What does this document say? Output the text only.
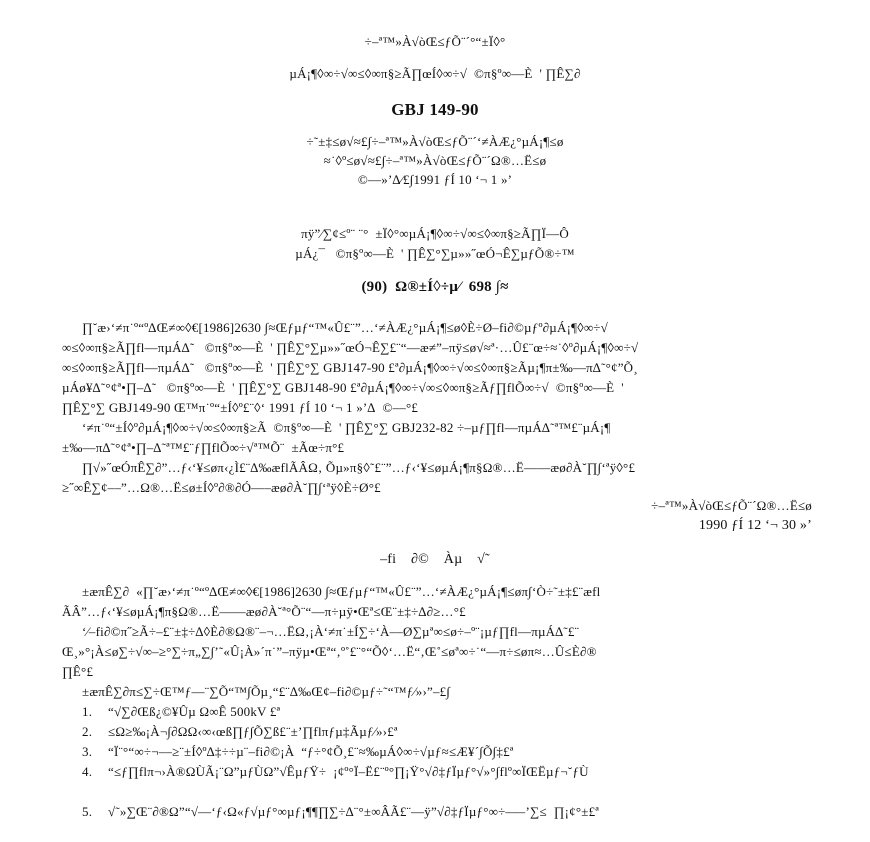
÷–ª™»À√òŒ≤ƒÕ¨´°“±Ï◊°
µÁ¡¶◊∞÷√∞≤◊∞π§≥Ã∏œÍ◊∞÷√  ©π§º∞—È  ' ∏Ê∑∂
GBJ 149-90
÷˜±‡≤ø√≈£∫÷–ª™»À√òŒ≤ƒÕ¨´‘≠ÀÆ¿°µÁ¡¶≤ø
≈˙◊º≤ø√≈£∫÷–ª™»À√òŒ≤ƒÕ¨´Ω®…Ë≤ø
©––»’∆⁄£∫1991 ƒÍ 10 ‘¬ 1 »’
πÿ”⁄∑¢≤º¨ ¨°  ±Ï◊°∞µÁ¡¶◊∞÷√∞≤◊∞π§≥Ã∏Ï—Ô
µÁ¿¯   ©π§º∞—È  ' ∏Ê∑°∑µ»»˝œÓ¬Ê∑µƒÕ®÷™
(90)  Ω®±Í◊÷µ⁄  698 ∫≈
∏˘æ›‘≠π˙º“º∆Œ≠∞◊€[1986]2630 ∫≈Œƒµƒ“™«Û£¨”…‘≠ÀÆ¿°µÁ¡¶≤ø◊È÷Ø–fi∂©µƒº∂µÁ¡¶◊∞÷√
∞≤◊∞π§≥Ã∏fl—πµÁ∆˜   ©π§º∞—È  ' ∏Ê∑°∑µ»»˝œÓ¬Ê∑£¨“—æ≠”–πÿ≤ø√≈ª·…Û£¨œ÷≈˙◊º∂µÁ¡¶◊∞÷√
∞≤◊∞π§≥Ã∏fl—πµÁ∆˜   ©π§º∞—È  ' ∏Ê∑°∑ GBJ147-90 £ª∂µÁ¡¶◊∞÷√∞≤◊∞π§≥Ãµ¡¶π±‰—π∆˜°¢”Õ¸
µÁø¥∆˜°¢ª•∏–∆˜   ©π§º∞—È  ' ∏Ê∑°∑ GBJ148-90 £ª∂µÁ¡¶◊∞÷√∞≤◊∞π§≥Ãƒ∏flÕ∞÷√  ©π§º∞—È  '
∏Ê∑°∑ GBJ149-90 Œ™π˙º“±Í◊º£¨◊‘ 1991 ƒÍ 10 ‘¬ 1 »’∆  ©––°£
‘≠π˙º“±Í◊º∂µÁ¡¶◊∞÷√∞≤◊∞π§≥Ã  ©π§º∞—È  ' ∏Ê∑°∑ GBJ232-82 ÷–µƒ∏fl—πµÁ∆˜ª™£¨µÁ¡¶
±‰—π∆˜°¢ª•∏–∆˜ª™£¨ƒ∏flÕ∞÷√ª™Õ¨  ±Ãœ÷π°£
∏√»˝œÓπÊ∑∂”…ƒ‹‘¥≤øπ‹¿Ì£¨∆‰æflÃÂΩ‚ Õµ»π§◊˜£¨”…ƒ‹‘¥≤øµÁ¡¶π§Ω®…Ë——æø∂À˘∏∫‘ªÿ◊°£
≥˝∞Ê∑¢––”…Ω®…Ë≤ø±Í◊º∂®∂Ó—–æø∂À˘∏∫‘ªÿ◊È÷Ø°£
÷–ª™»À√òŒ≤ƒÕ¨´Ω®…Ë≤ø
1990 ƒÍ 12 ‘¬ 30 »’
–fi    ∂©    Àµ    √˜
±æπÊ∑∂  «∏˘æ›‘≠π˙º“º∆Œ≠∞◊€[1986]2630 ∫≈Œƒµƒ“™«Û£¨”…‘≠ÀÆ¿°µÁ¡¶≤øπ∫‘Ò÷˜±‡£¨æfl
ÃÂ”…ƒ‹‘¥≤øµÁ¡¶π§Ω®…Ë——æø∂À˘ª°Õ¨“—π÷µÿ•Œª≤Œ¨±‡÷∆∂≥…°£
‘⁄–fi∂©π˝≥Ã÷–£¨±‡÷∆◊È∂®Ω®¨–¬…ËΩ‚¡À‘≠π˙±Í∑÷‘À––Ø∑µª∞≤ø÷–º¨¡µƒ∏fl—πµÁ∆˜£¨
Œ¸»°¡À≤ø∑÷√∞–≥°∑÷π„∑∫’˜«Û¡À»´π˙”–πÿµ•Œª“‚º˚£¨°“Õ◊‘…Ë“‚Œ˚≤øª∞÷˙“—π÷≤øπ≈…Û≤È∂®
∏Ê°£
±æπÊ∑∂π≤∑÷Œ™ƒ—¨∑Õ“™∫Õµ¸“£¨∆‰Œ¢–fi∂©µƒ÷˜“™ƒ⁄»›”–£∫
1. “√∑∂Œß¿©¥Ûµ Ω∞Ê 500kV £ª
2. ≤Ω≥‰¡À¬∫∂ΩΩ‹∞‹œß∏ƒ∫Õ∑ß£¨±’∏flπƒµ‡Ãµƒ⁄»›£ª
3. “Ï¨°“∞÷¬––≥¨±Í◊º∆‡÷÷µ¨–fi∂©¡À  “ƒ÷°¢Õ¸£¨≈‰µÁ◊∞÷√µƒ≈≤Æ¥´∫Õ∫‡£ª
4. “≤ƒ∏flπ¬›À®ΩÙÃ¡¨Ω”µƒÙΩ”√ÊµƒŸ÷  ¡¢º°Ï–Ë£¨º°∏¡Ÿ°√∂‡ƒÏµƒ°√»°∫flº∞ÏŒËµƒ¬˘ƒÙ
5. √˜»∑Œ¨∂®Ω”“√—‘ƒ‹Ω«ƒ√µƒ°∞µƒ¡¶¶∏∑÷∆¨°±∞ÂÃ£¨—ÿ”√∂‡ƒÏµƒ°∞÷–––’∑≤  ∏¡¢°±£ª
